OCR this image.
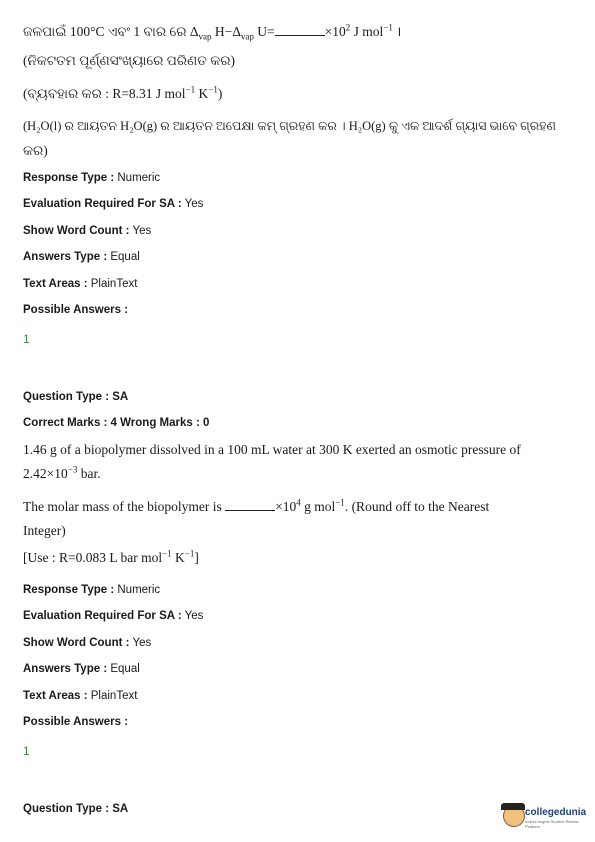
ଜଳପାଇଁ 100°C ଏବଂ 1 ବାର ରେ $\Delta_{vap}$ $H-\Delta_{vap}$ U=	$\times 10^2$ J mol$^{-1}$ ।
(ନିକଟତମ ପୂର୍ଣ୍ଣସଂଖ୍ୟାରେ ପରିଣତ କର)
(ବ୍ୟବହାର କର : R=8.31 J mol$^{-1}$ $K^{-1}$)
(H₂O(l) ର ଆୟତନ H₂O(g) ର ଆୟତନ ଅପେକ୍ଷା କମ୍ ଗ୍ରହଣ କର । H₂O(g) କୁ ଏକ ଆଦର୍ଶ ଗ୍ୟାସ ଭାବେ ଗ୍ରହଣ
କର)
Response Type : Numeric
Evaluation Required For SA : Yes
Show Word Count : Yes
Answers Type : Equal
Text Areas : PlainText
Possible Answers :
1
Question Type : SA
Correct Marks : 4 Wrong Marks : 0
1.46 g of a biopolymer dissolved in a 100 mL water at 300 K exerted an osmotic pressure of
$2.42\times 10^{-3}$ bar.
The molar mass of the biopolymer is	$\times 10^4$ g mol$^{-1}$. (Round off to the Nearest
Integer)
[Use : R=0.083 L bar mol$^{-1}$ $K^{-1}$]
Response Type : Numeric
Evaluation Required For SA : Yes
Show Word Count : Yes
Answers Type : Equal
Text Areas : PlainText
Possible Answers :
1
Question Type : SA	collegedunia
India's largest Student Review Platform
